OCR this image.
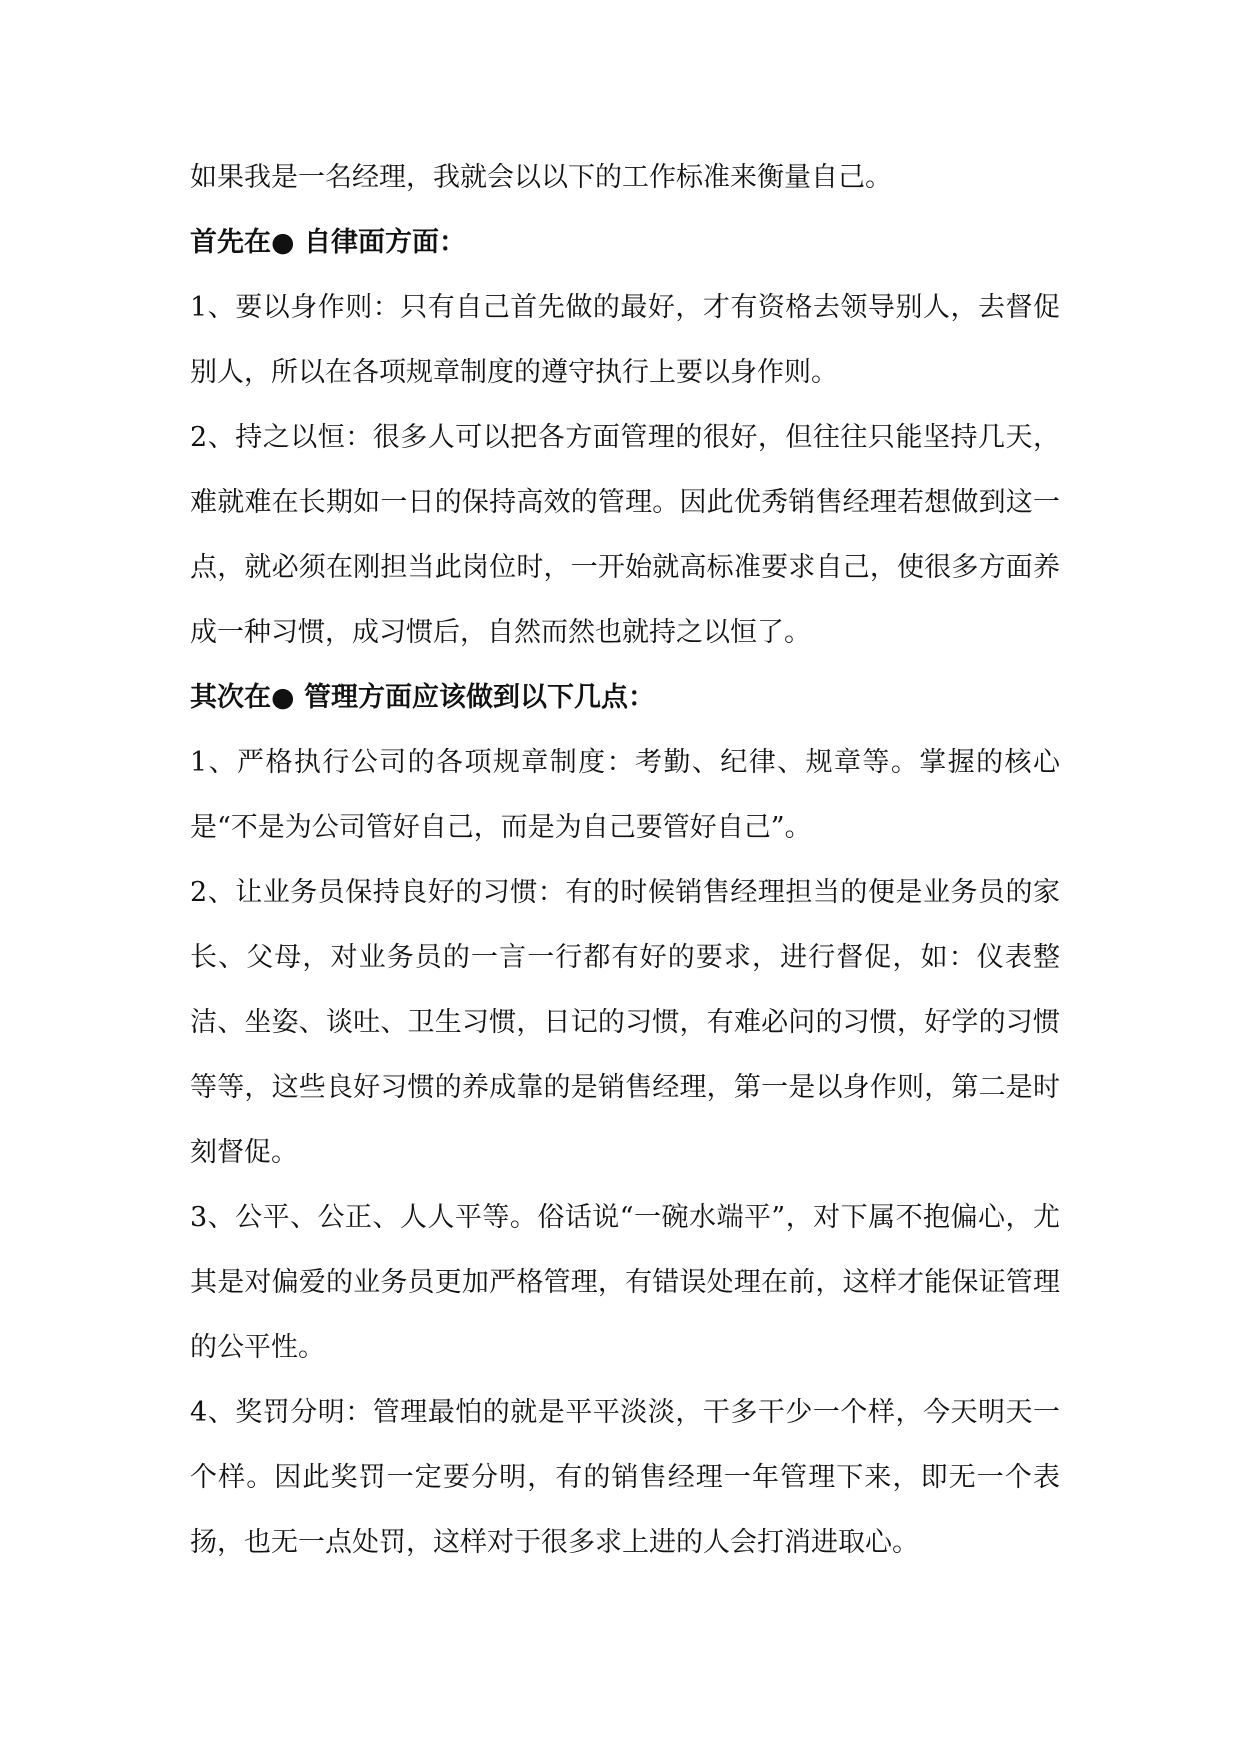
如果我是一名经理，我就会以以下的工作标准来衡量自己。

首先在● 自律面方面：

1、要以身作则：只有自己首先做的最好，才有资格去领导别人，去督促别人，所以在各项规章制度的遵守执行上要以身作则。

2、持之以恒：很多人可以把各方面管理的很好，但往往只能坚持几天，难就难在长期如一日的保持高效的管理。因此优秀销售经理若想做到这一点，就必须在刚担当此岗位时，一开始就高标准要求自己，使很多方面养成一种习惯，成习惯后，自然而然也就持之以恒了。

其次在● 管理方面应该做到以下几点：

1、严格执行公司的各项规章制度：考勤、纪律、规章等。掌握的核心是“不是为公司管好自己，而是为自己要管好自己”。

2、让业务员保持良好的习惯：有的时候销售经理担当的便是业务员的家长、父母，对业务员的一言一行都有好的要求，进行督促，如：仪表整洁、坐姿、谈吐、卫生习惯，日记的习惯，有难必问的习惯，好学的习惯等等，这些良好习惯的养成靠的是销售经理，第一是以身作则，第二是时刻督促。

3、公平、公正、人人平等。俗话说“一碗水端平”，对下属不抱偏心，尤其是对偏爱的业务员更加严格管理，有错误处理在前，这样才能保证管理的公平性。

4、奖罚分明：管理最怕的就是平平淡淡，干多干少一个样，今天明天一个样。因此奖罚一定要分明，有的销售经理一年管理下来，即无一个表扬，也无一点处罚，这样对于很多求上进的人会打消进取心。
